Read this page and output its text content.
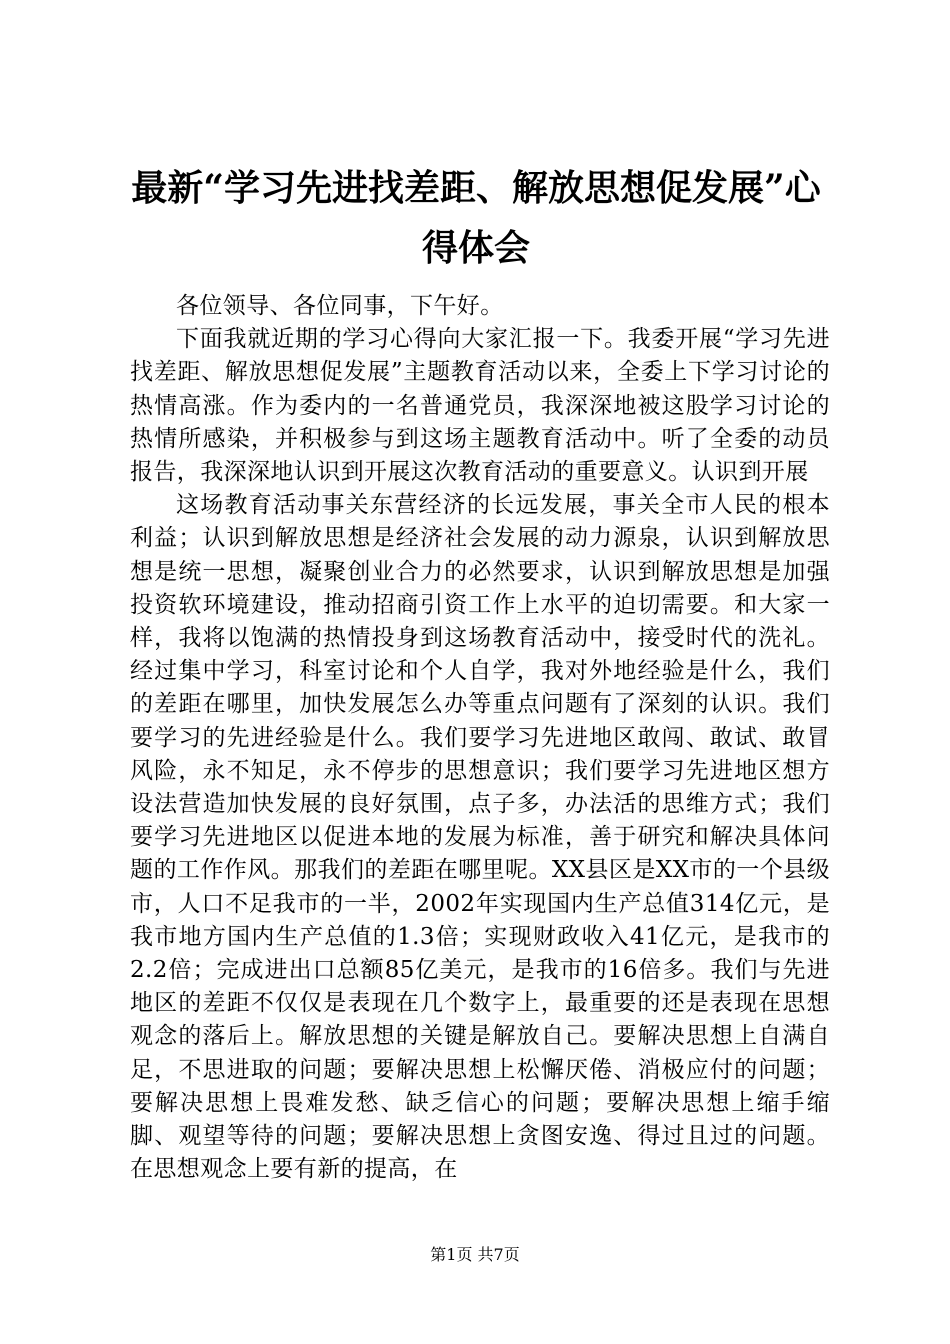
最新“学习先进找差距、解放思想促发展”心
得体会

各位领导、各位同事，下午好。

下面我就近期的学习心得向大家汇报一下。我委开展“学习先进找差距、解放思想促发展”主题教育活动以来，全委上下学习讨论的热情高涨。作为委内的一名普通党员，我深深地被这股学习讨论的热情所感染，并积极参与到这场主题教育活动中。听了全委的动员报告，我深深地认识到开展这次教育活动的重要意义。认识到开展

这场教育活动事关东营经济的长远发展，事关全市人民的根本利益；认识到解放思想是经济社会发展的动力源泉，认识到解放思想是统一思想，凝聚创业合力的必然要求，认识到解放思想是加强投资软环境建设，推动招商引资工作上水平的迫切需要。和大家一样，我将以饱满的热情投身到这场教育活动中，接受时代的洗礼。经过集中学习，科室讨论和个人自学，我对外地经验是什么，我们的差距在哪里，加快发展怎么办等重点问题有了深刻的认识。我们要学习的先进经验是什么。我们要学习先进地区敢闯、敢试、敢冒风险，永不知足，永不停步的思想意识；我们要学习先进地区想方设法营造加快发展的良好氛围，点子多，办法活的思维方式；我们要学习先进地区以促进本地的发展为标准，善于研究和解决具体问题的工作作风。那我们的差距在哪里呢。XX县区是XX市的一个县级市，人口不足我市的一半，2002年实现国内生产总值314亿元，是我市地方国内生产总值的1.3倍；实现财政收入41亿元，是我市的2.2倍；完成进出口总额85亿美元，是我市的16倍多。我们与先进地区的差距不仅仅是表现在几个数字上，最重要的还是表现在思想观念的落后上。解放思想的关键是解放自己。要解决思想上自满自足，不思进取的问题；要解决思想上松懈厌倦、消极应付的问题；要解决思想上畏难发愁、缺乏信心的问题；要解决思想上缩手缩脚、观望等待的问题；要解决思想上贪图安逸、得过且过的问题。在思想观念上要有新的提高，在

第1页 共7页
